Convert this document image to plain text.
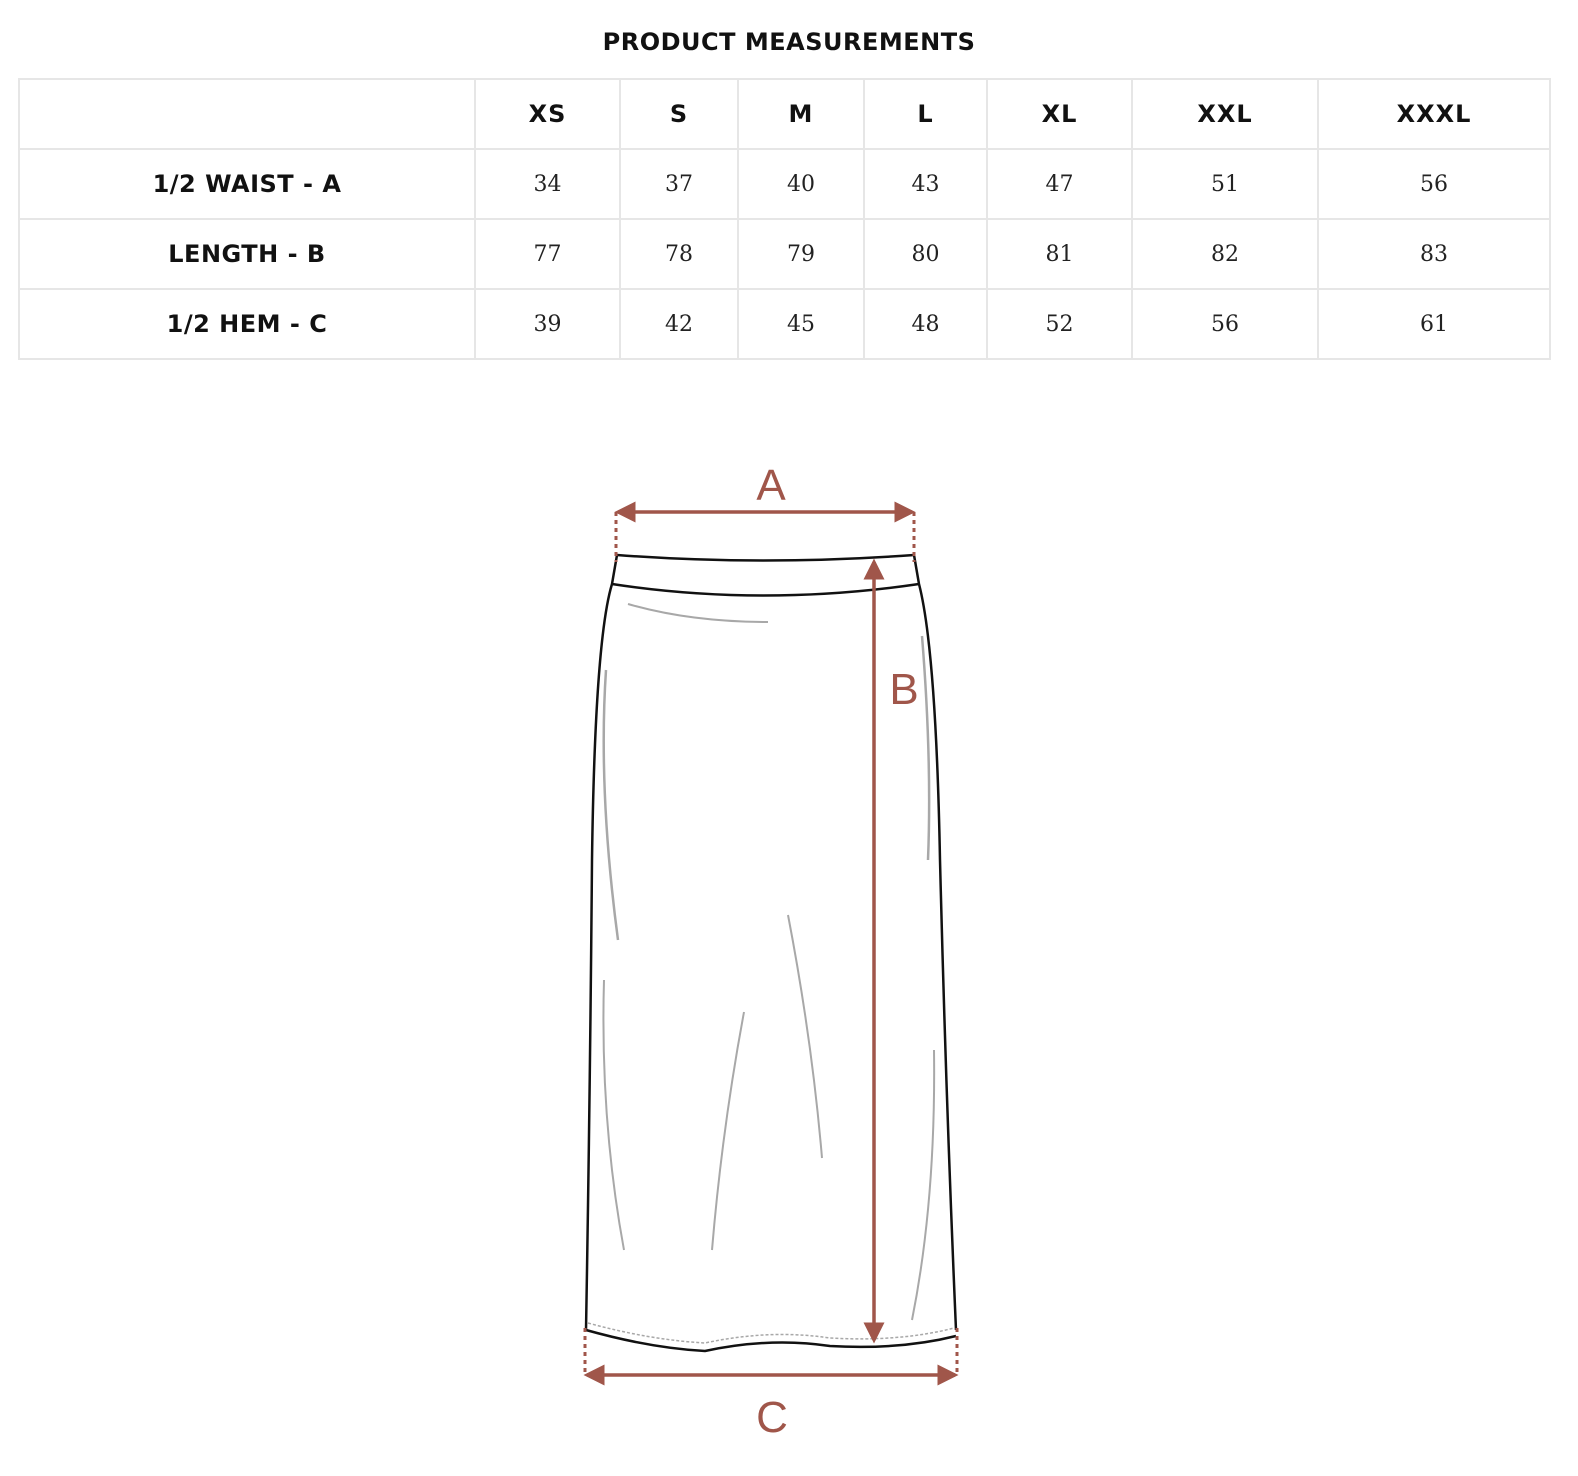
PRODUCT MEASUREMENTS
	XS	S	M	L	XL	XXL	XXXL
1/2 WAIST - A	34	37	40	43	47	51	56
LENGTH - B	77	78	79	80	81	82	83
1/2 HEM - C	39	42	45	48	52	56	61
A
B
C
